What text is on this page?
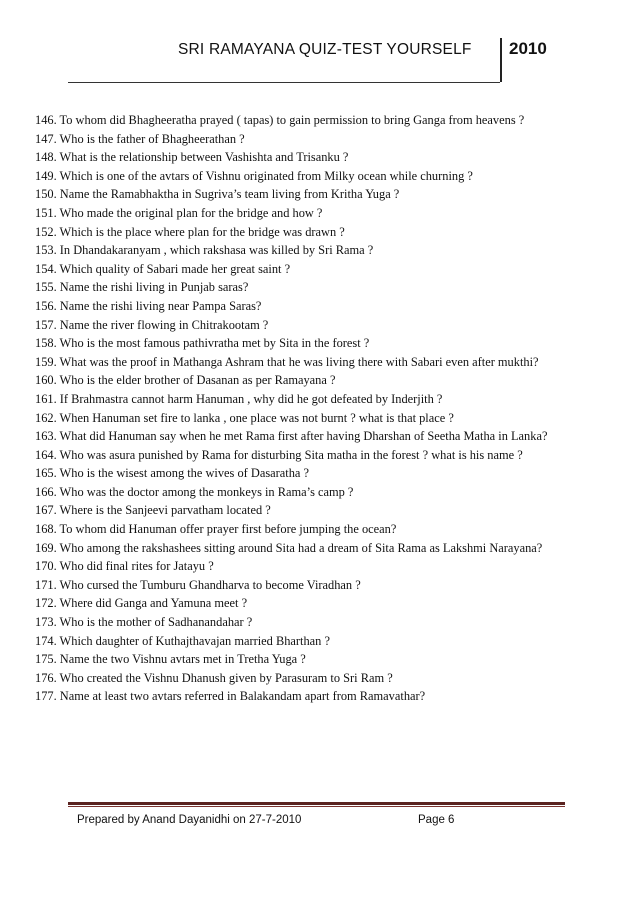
SRI RAMAYANA QUIZ-TEST YOURSELF 2010
146. To whom did Bhagheeratha prayed ( tapas) to gain permission to bring Ganga from heavens ?
147. Who is the father of Bhagheerathan ?
148. What is the relationship between Vashishta and Trisanku ?
149. Which is one of the avtars of Vishnu originated from Milky ocean while churning ?
150. Name the Ramabhaktha in Sugriva’s team living from Kritha Yuga ?
151. Who made the original plan for the bridge and how ?
152. Which is the place where plan for the bridge was drawn ?
153. In Dhandakaranyam , which rakshasa was killed by Sri Rama ?
154. Which quality of Sabari made her great saint ?
155. Name the rishi living in Punjab saras?
156. Name the rishi living near Pampa Saras?
157. Name the river flowing in Chitrakootam ?
158. Who is the most famous pathivratha met by Sita in the forest ?
159. What was the proof in Mathanga Ashram that he was living there with Sabari even after mukthi?
160. Who is the elder brother of Dasanan as per Ramayana ?
161. If Brahmastra cannot harm Hanuman , why did he got defeated by Inderjith ?
162. When Hanuman set fire to lanka , one place was not burnt ? what is that place ?
163. What did Hanuman say when he met Rama first after having Dharshan of Seetha Matha in Lanka?
164. Who was asura punished by Rama for disturbing Sita matha in the forest ? what is his name ?
165. Who is the wisest among the wives of Dasaratha ?
166. Who was the doctor among the monkeys in Rama’s camp ?
167. Where is the Sanjeevi parvatham located ?
168. To whom did Hanuman offer prayer first before jumping the ocean?
169. Who among the rakshashees sitting around Sita had a dream of Sita Rama as Lakshmi Narayana?
170. Who did final rites for Jatayu ?
171. Who cursed the Tumburu Ghandharva to become Viradhan ?
172. Where did Ganga and Yamuna meet ?
173. Who is the mother of Sadhanandahar ?
174. Which daughter of Kuthajthavajan married Bharthan ?
175. Name the two Vishnu avtars met in Tretha Yuga ?
176. Who created the Vishnu Dhanush given by Parasuram to Sri Ram ?
177. Name at least two avtars referred in Balakandam apart from Ramavathar?
Prepared by Anand Dayanidhi on 27-7-2010	Page 6
